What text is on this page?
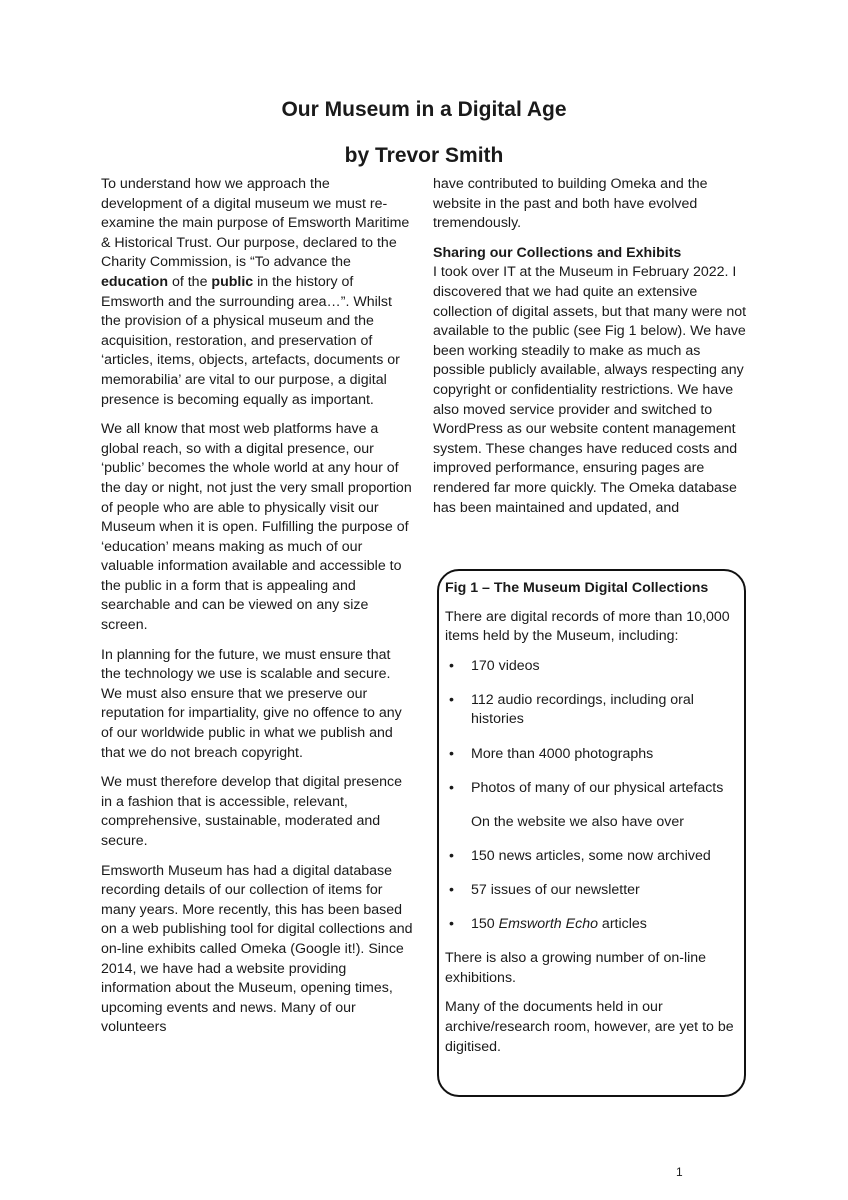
Our Museum in a Digital Age
by Trevor Smith

To understand how we approach the development of a digital museum we must re-examine the main purpose of Emsworth Maritime & Historical Trust. Our purpose, declared to the Charity Commission, is “To advance the education of the public in the history of Emsworth and the surrounding area…”. Whilst the provision of a physical museum and the acquisition, restoration, and preservation of ‘articles, items, objects, artefacts, documents or memorabilia’ are vital to our purpose, a digital presence is becoming equally as important.

We all know that most web platforms have a global reach, so with a digital presence, our ‘public’ becomes the whole world at any hour of the day or night, not just the very small proportion of people who are able to physically visit our Museum when it is open. Fulfilling the purpose of ‘education’ means making as much of our valuable information available and accessible to the public in a form that is appealing and searchable and can be viewed on any size screen.

In planning for the future, we must ensure that the technology we use is scalable and secure. We must also ensure that we preserve our reputation for impartiality, give no offence to any of our worldwide public in what we publish and that we do not breach copyright.

We must therefore develop that digital presence in a fashion that is accessible, relevant, comprehensive, sustainable, moderated and secure.

Emsworth Museum has had a digital database recording details of our collection of items for many years. More recently, this has been based on a web publishing tool for digital collections and on-line exhibits called Omeka (Google it!). Since 2014, we have had a website providing information about the Museum, opening times, upcoming events and news. Many of our volunteers

have contributed to building Omeka and the website in the past and both have evolved tremendously.

Sharing our Collections and Exhibits
I took over IT at the Museum in February 2022. I discovered that we had quite an extensive collection of digital assets, but that many were not available to the public (see Fig 1 below). We have been working steadily to make as much as possible publicly available, always respecting any copyright or confidentiality restrictions. We have also moved service provider and switched to WordPress as our website content management system. These changes have reduced costs and improved performance, ensuring pages are rendered far more quickly. The Omeka database has been maintained and updated, and

Fig 1 – The Museum Digital Collections

There are digital records of more than 10,000 items held by the Museum, including:

• 170 videos
• 112 audio recordings, including oral histories
• More than 4000 photographs
• Photos of many of our physical artefacts
On the website we also have over
• 150 news articles, some now archived
• 57 issues of our newsletter
• 150 Emsworth Echo articles

There is also a growing number of on-line exhibitions.

Many of the documents held in our archive/research room, however, are yet to be digitised.

1
